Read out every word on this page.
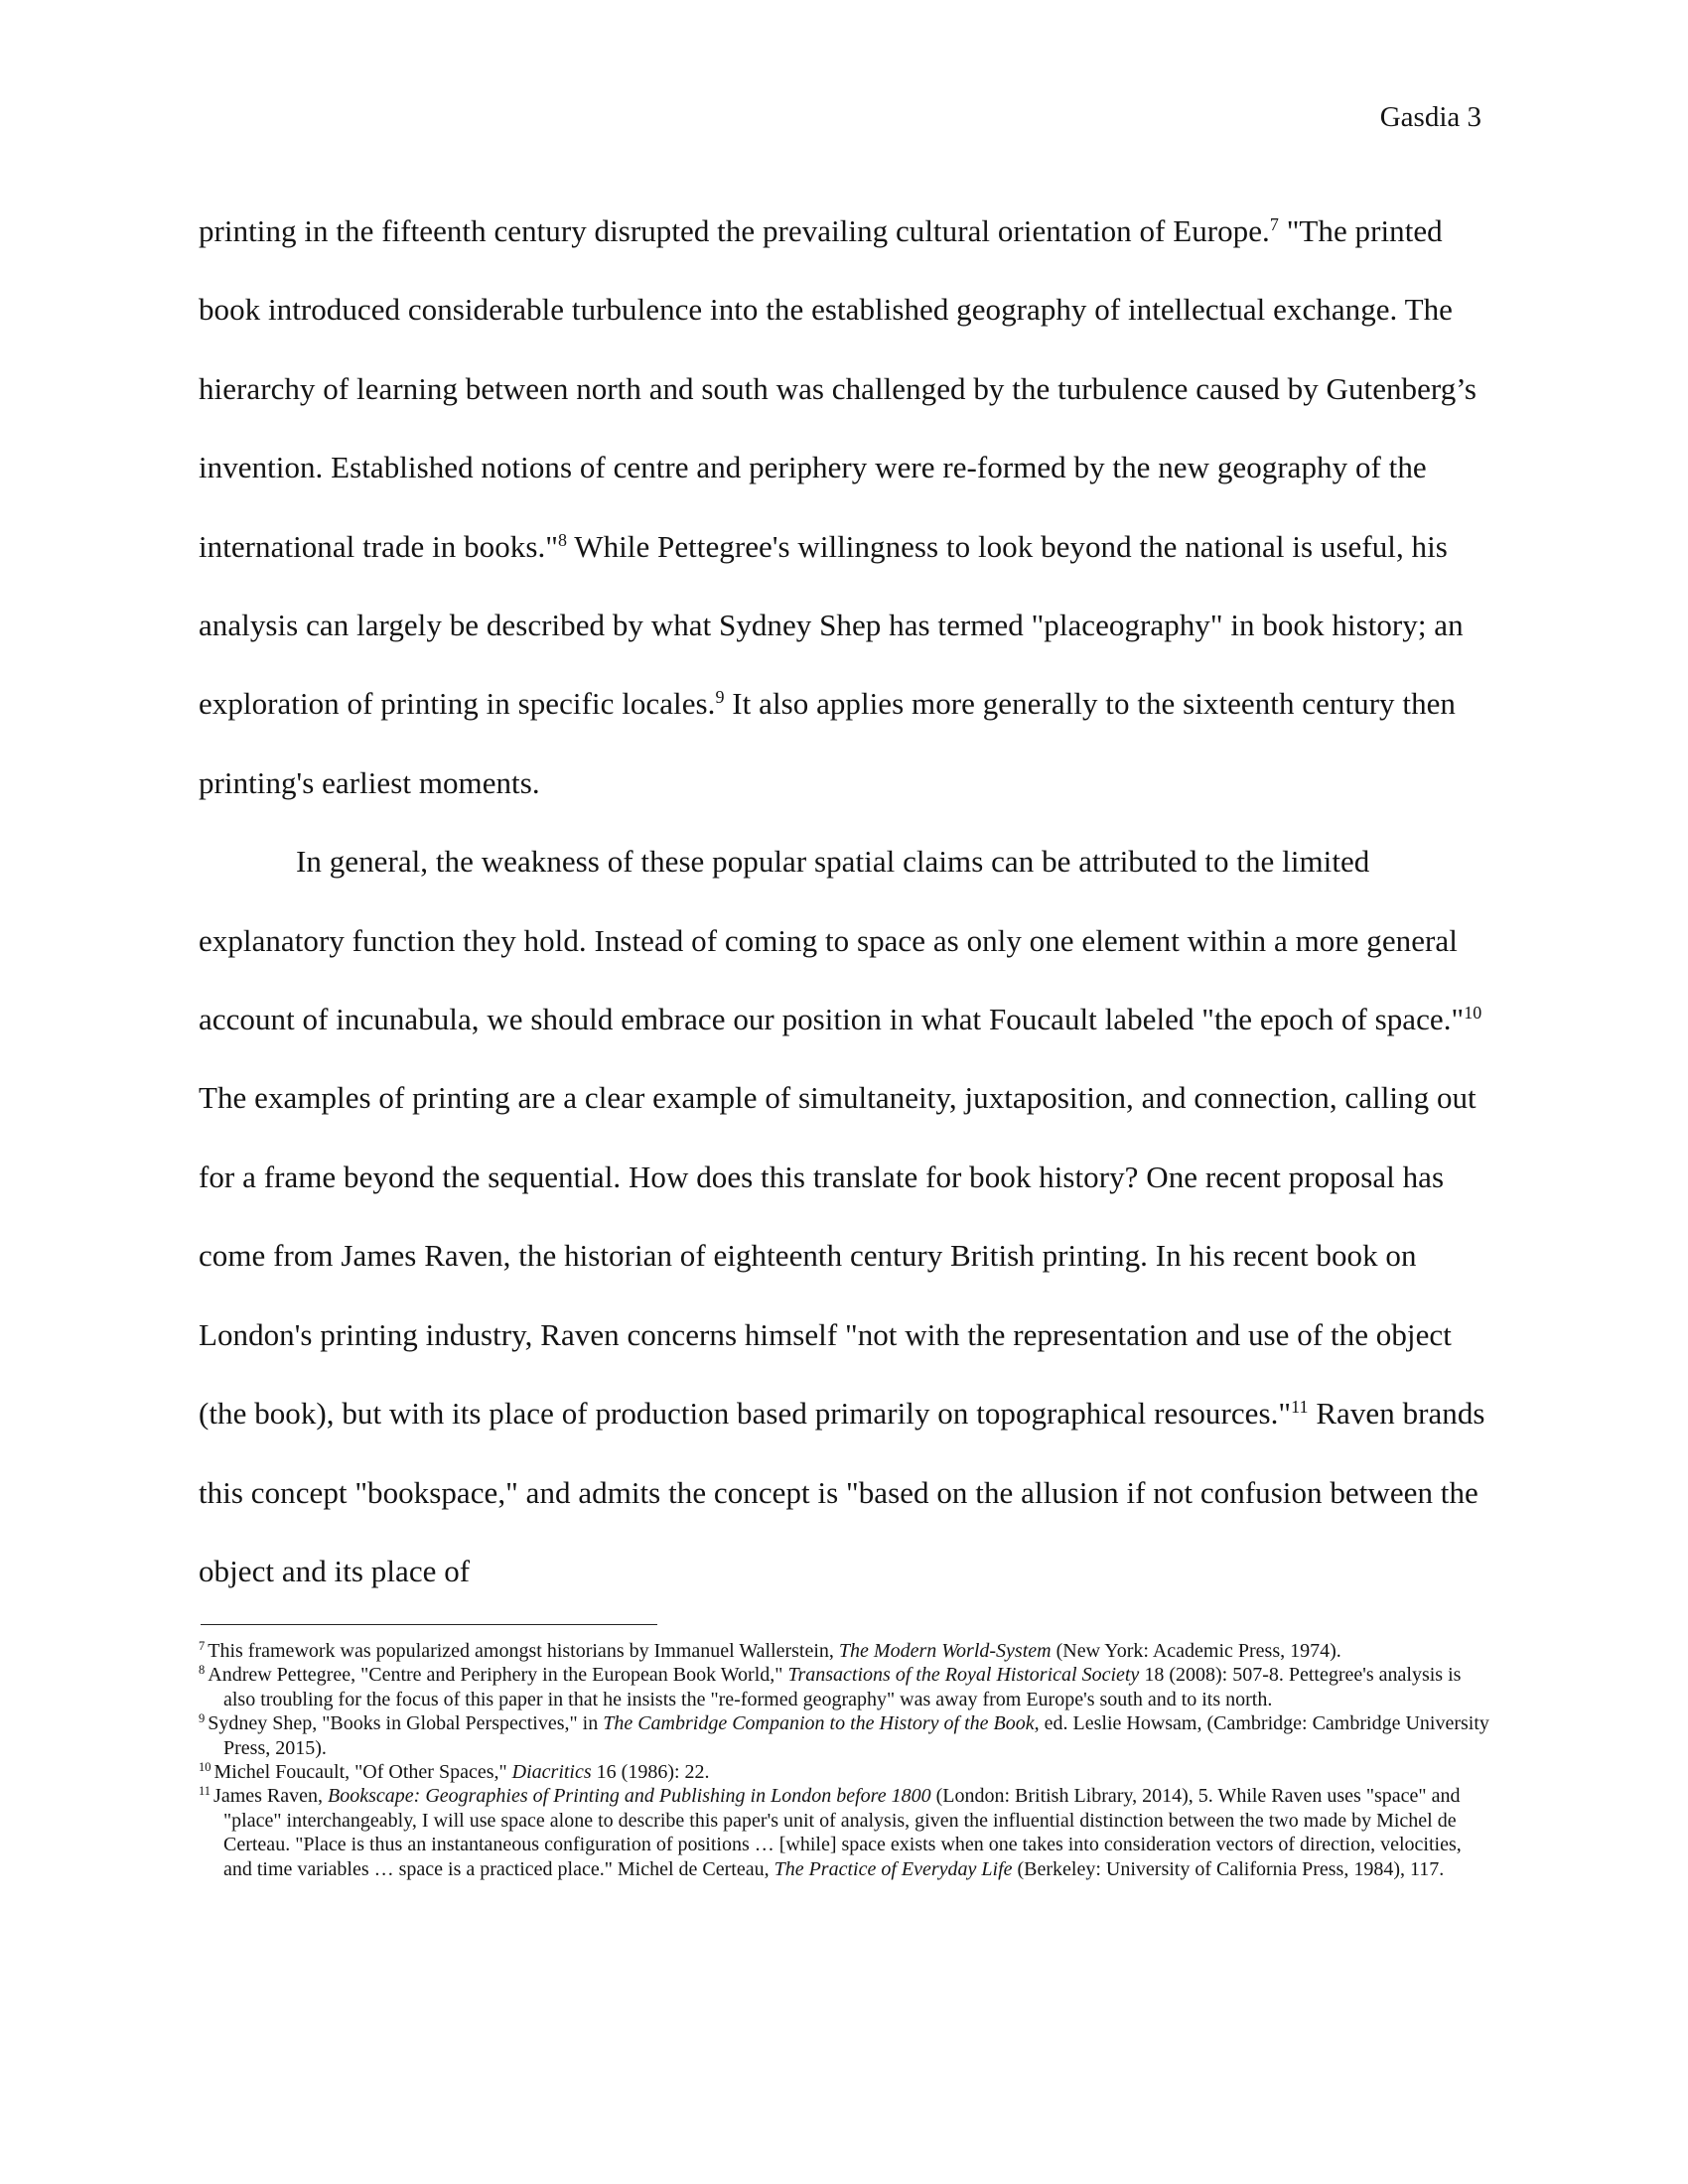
Gasdia 3

printing in the fifteenth century disrupted the prevailing cultural orientation of Europe.$^7$ "The printed book introduced considerable turbulence into the established geography of intellectual exchange. The hierarchy of learning between north and south was challenged by the turbulence caused by Gutenberg’s invention. Established notions of centre and periphery were re-formed by the new geography of the international trade in books."$^8$ While Pettegree's willingness to look beyond the national is useful, his analysis can largely be described by what Sydney Shep has termed "placeography" in book history; an exploration of printing in specific locales.$^9$ It also applies more generally to the sixteenth century then printing's earliest moments.

In general, the weakness of these popular spatial claims can be attributed to the limited explanatory function they hold. Instead of coming to space as only one element within a more general account of incunabula, we should embrace our position in what Foucault labeled "the epoch of space."$^{10}$ The examples of printing are a clear example of simultaneity, juxtaposition, and connection, calling out for a frame beyond the sequential. How does this translate for book history? One recent proposal has come from James Raven, the historian of eighteenth century British printing. In his recent book on London's printing industry, Raven concerns himself "not with the representation and use of the object (the book), but with its place of production based primarily on topographical resources."$^{11}$ Raven brands this concept "bookspace," and admits the concept is "based on the allusion if not confusion between the object and its place of

$^7$ This framework was popularized amongst historians by Immanuel Wallerstein, The Modern World-System (New York: Academic Press, 1974).

$^8$ Andrew Pettegree, "Centre and Periphery in the European Book World," Transactions of the Royal Historical Society 18 (2008): 507-8. Pettegree's analysis is also troubling for the focus of this paper in that he insists the "re-formed geography" was away from Europe's south and to its north.

$^9$ Sydney Shep, "Books in Global Perspectives," in The Cambridge Companion to the History of the Book, ed. Leslie Howsam, (Cambridge: Cambridge University Press, 2015).

$^{10}$ Michel Foucault, "Of Other Spaces," Diacritics 16 (1986): 22.

$^{11}$ James Raven, Bookscape: Geographies of Printing and Publishing in London before 1800 (London: British Library, 2014), 5. While Raven uses "space" and "place" interchangeably, I will use space alone to describe this paper's unit of analysis, given the influential distinction between the two made by Michel de Certeau. "Place is thus an instantaneous configuration of positions … [while] space exists when one takes into consideration vectors of direction, velocities, and time variables … space is a practiced place." Michel de Certeau, The Practice of Everyday Life (Berkeley: University of California Press, 1984), 117.
